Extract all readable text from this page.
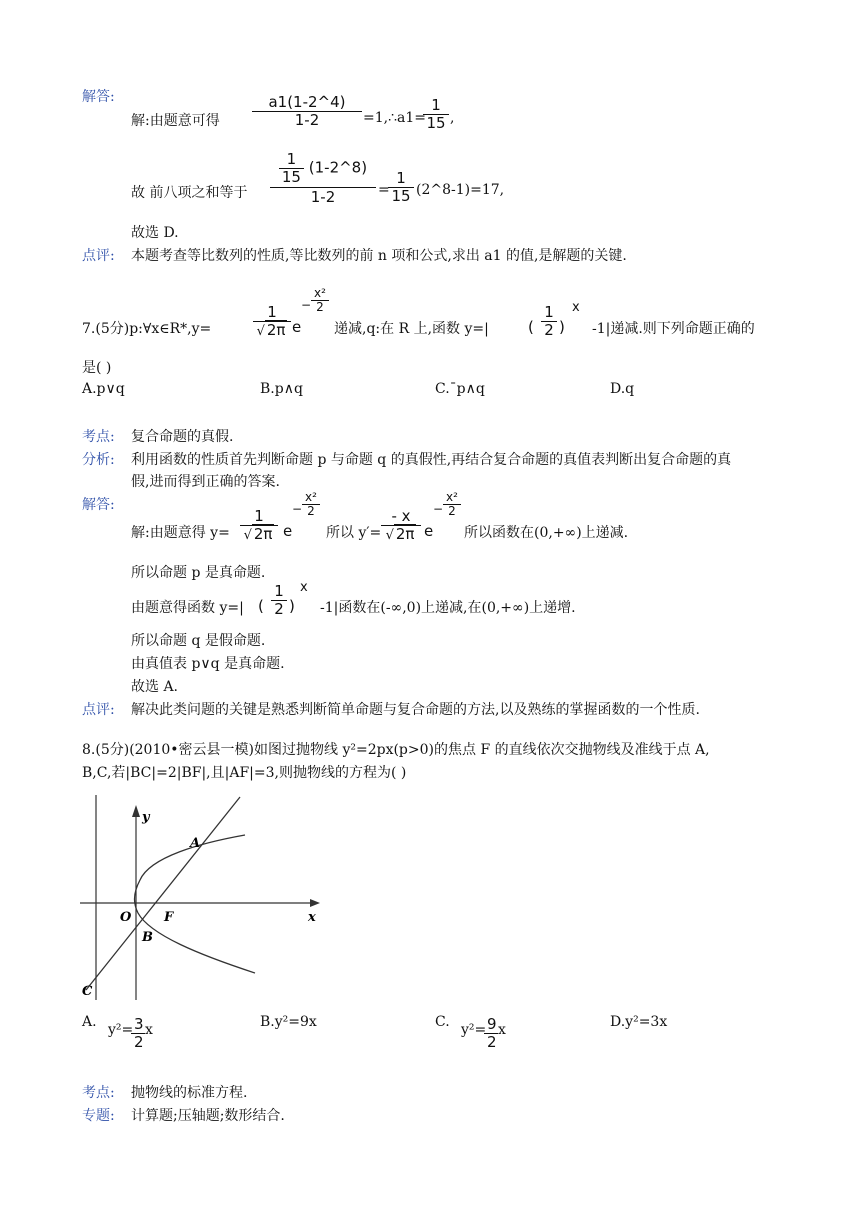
解答:
解:由题意可得 $\frac{a1(1-2\^{}4)}{1-2}$ =1,∴a1=
$\frac{1}{15}$ ,
故 前八项之和等于
$\frac{1}{15}$ (1-2^8)
1-2	=
$\frac{1}{15}$ (2^8-1)=17,
故选 D.
点评: 本题考查等比数列的性质,等比数列的前 n 项和公式,求出 a1 的值,是解题的关键.
7.(5分)p:∀x∈R*,y=	$\frac{1}{√ 2\pi}$ e
− $\frac{\text{x²}}{2}$
递减,q:在 R 上,函数 y=|	( $\frac{1}{2}$ )
x
-1|递减.则下列命题正确的
是( )
A.p∨q	B.p∧q	C.¯p∧q	D.q
考点: 复合命题的真假.
分析: 利用函数的性质首先判断命题 p 与命题 q 的真假性,再结合复合命题的真值表判断出复合命题的真
假,进而得到正确的答案.
解答:
解:由题意得 $y= \frac{1}{√ 2\pi}$ e
− $\frac{\text{x²}}{2}$
所以 $y'= \frac{- x}{√ 2\pi}$ e
− $\frac{\text{x²}}{2}$
所以函数在(0,+∞)上递减.
所以命题 p 是真命题.
由题意得函数 y=| ( $\frac{1}{2}$ )
x
-1|函数在(-∞,0)上递减,在(0,+∞)上递增.
所以命题 q 是假命题.
由真值表 p∨q 是真命题.
故选 A.
点评: 解决此类问题的关键是熟悉判断简单命题与复合命题的方法,以及熟练的掌握函数的一个性质.
8.(5分)(2010•密云县一模)如图过抛物线 y²=2px(p>0)的焦点 F 的直线依次交抛物线及准线于点 A,
B,C,若|BC|=2|BF|,且|AF|=3,则抛物线的方程为( )
y
x
O	F
A
B
C
A. y²=
$\frac{3}{2}$ x	B.y²=9x	C. y²=
$\frac{9}{2}$ x	D.y²=3x
考点: 抛物线的标准方程.
专题: 计算题;压轴题;数形结合.
